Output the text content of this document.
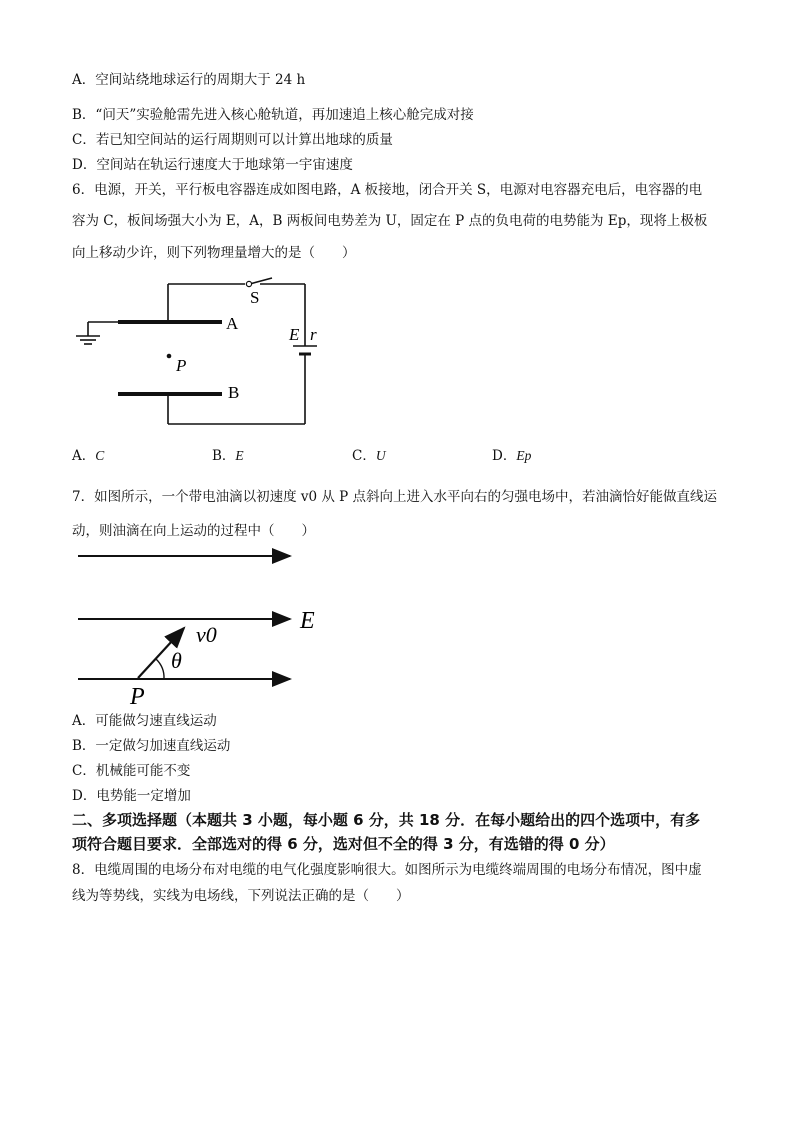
A．空间站绕地球运行的周期大于 24 h
B．“问天”实验舱需先进入核心舱轨道，再加速追上核心舱完成对接
C．若已知空间站的运行周期则可以计算出地球的质量
D．空间站在轨运行速度大于地球第一宇宙速度
6．电源，开关，平行板电容器连成如图电路，A 板接地，闭合开关 S，电源对电容器充电后，电容器的电
容为 C，板间场强大小为 E，A，B 两板间电势差为 U，固定在 P 点的负电荷的电势能为 Ep，现将上极板
向上移动少许，则下列物理量增大的是（　　）
S
A
B
P
E r
A．C	B．E	C．U	D．Ep
7．如图所示，一个带电油滴以初速度 v0 从 P 点斜向上进入水平向右的匀强电场中，若油滴恰好能做直线运
动，则油滴在向上运动的过程中（　　）
E
v0
θ
P
A．可能做匀速直线运动
B．一定做匀加速直线运动
C．机械能可能不变
D．电势能一定增加
二、多项选择题（本题共 3 小题，每小题 6 分，共 18 分．在每小题给出的四个选项中，有多
项符合题目要求．全部选对的得 6 分，选对但不全的得 3 分，有选错的得 0 分）
8．电缆周围的电场分布对电缆的电气化强度影响很大。如图所示为电缆终端周围的电场分布情况，图中虚
线为等势线，实线为电场线，下列说法正确的是（　　）
